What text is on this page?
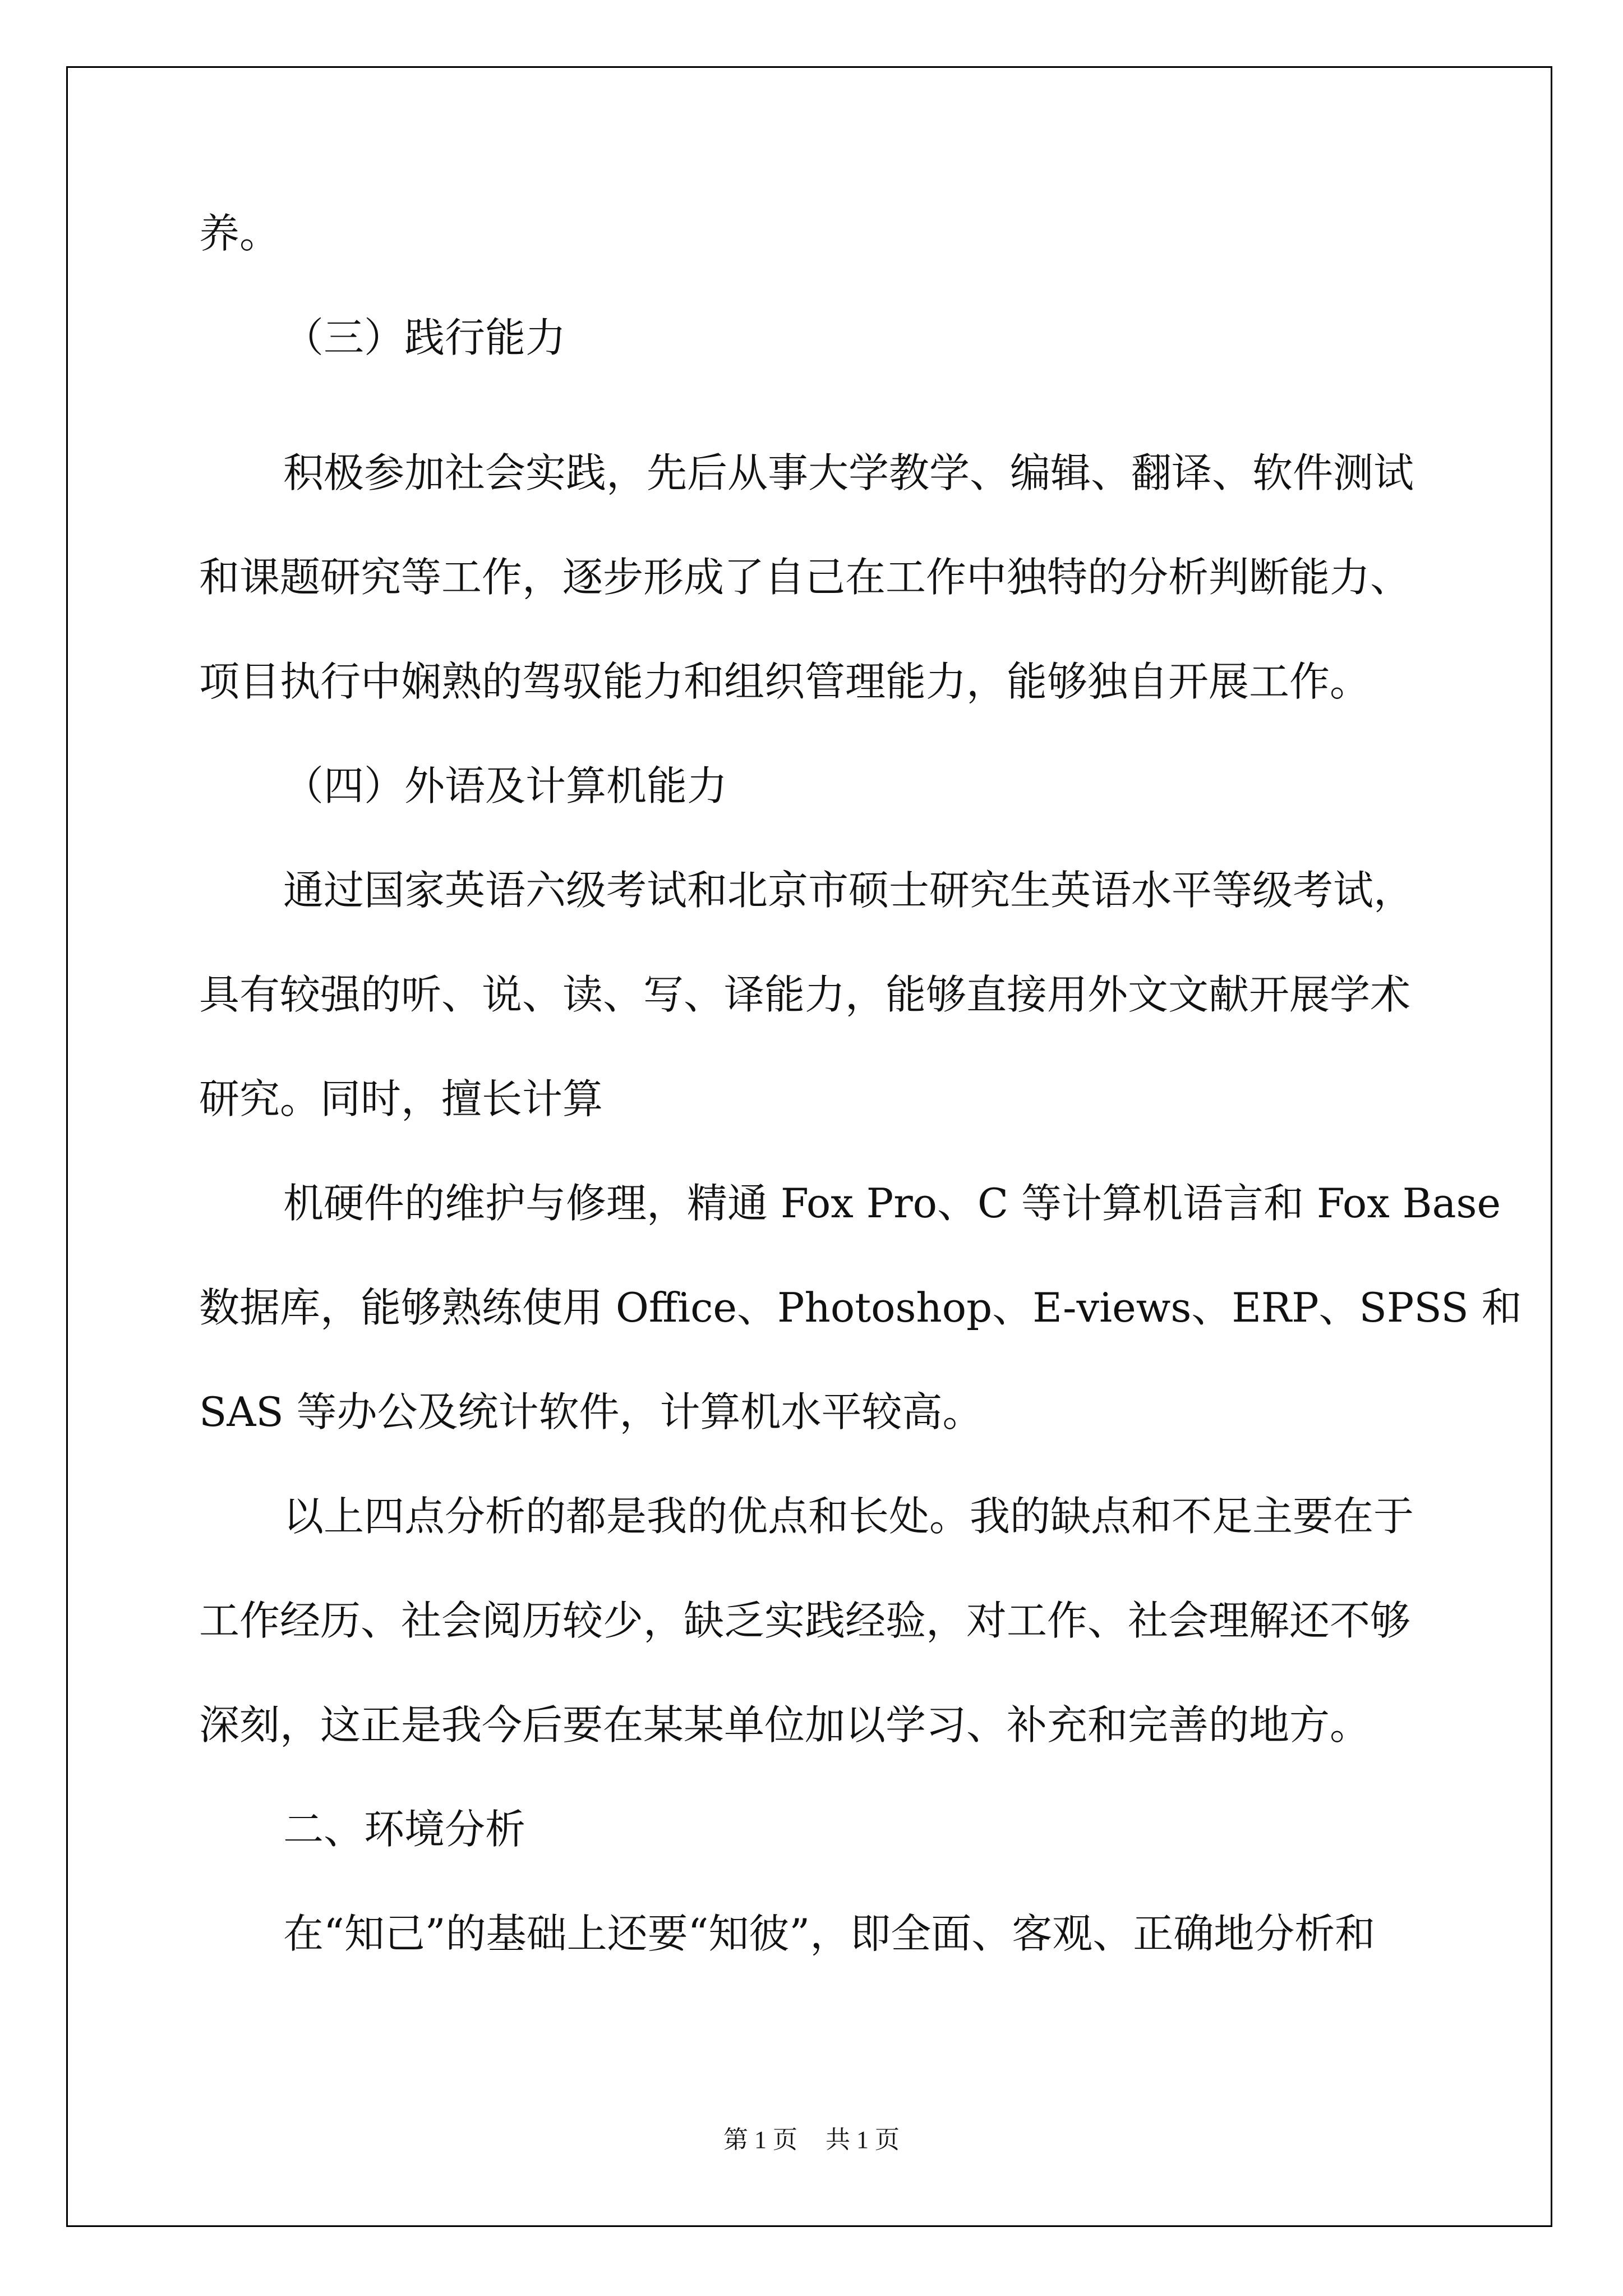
养。
（三）践行能力
积极参加社会实践，先后从事大学教学、编辑、翻译、软件测试
和课题研究等工作，逐步形成了自己在工作中独特的分析判断能力、
项目执行中娴熟的驾驭能力和组织管理能力，能够独自开展工作。
（四）外语及计算机能力
通过国家英语六级考试和北京市硕士研究生英语水平等级考试，
具有较强的听、说、读、写、译能力，能够直接用外文文献开展学术
研究。同时，擅长计算
机硬件的维护与修理，精通 Fox Pro、C 等计算机语言和 Fox Base
数据库，能够熟练使用 Office、Photoshop、E-views、ERP、SPSS 和
SAS 等办公及统计软件，计算机水平较高。
以上四点分析的都是我的优点和长处。我的缺点和不足主要在于
工作经历、社会阅历较少，缺乏实践经验，对工作、社会理解还不够
深刻，这正是我今后要在某某单位加以学习、补充和完善的地方。
二、环境分析
在“知己”的基础上还要“知彼”，即全面、客观、正确地分析和
第 1 页 共 1 页
